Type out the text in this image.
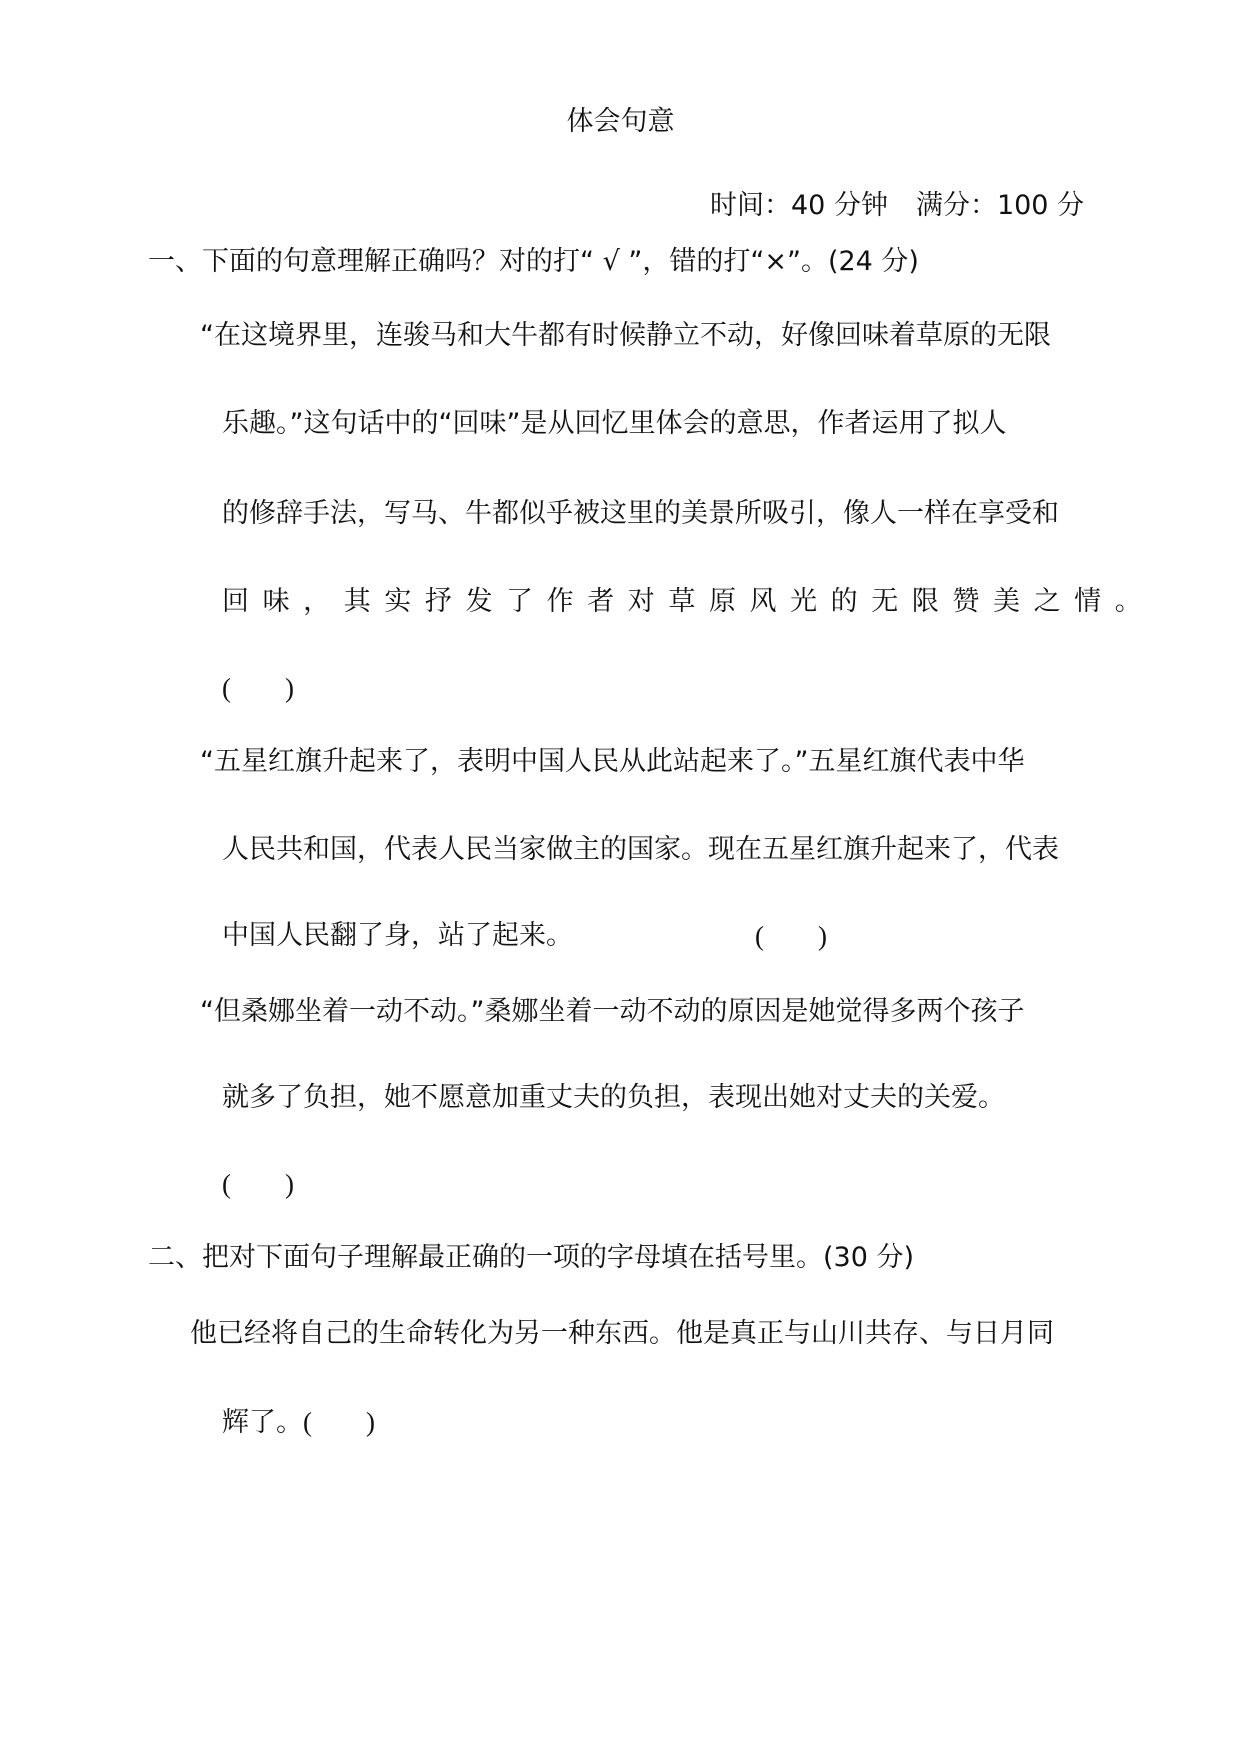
体会句意
时间：40 分钟 满分：100 分
一、下面的句意理解正确吗？对的打“ √ ”，错的打“×”。(24 分)
“在这境界里，连骏马和大牛都有时候静立不动，好像回味着草原的无限
乐趣。”这句话中的“回味”是从回忆里体会的意思，作者运用了拟人
的修辞手法，写马、牛都似乎被这里的美景所吸引，像人一样在享受和
回 味 ， 其 实 抒 发 了 作 者 对 草 原 风 光 的 无 限 赞 美 之 情 。
(　　)
“五星红旗升起来了，表明中国人民从此站起来了。”五星红旗代表中华
人民共和国，代表人民当家做主的国家。现在五星红旗升起来了，代表
中国人民翻了身，站了起来。	(　　)
“但桑娜坐着一动不动。”桑娜坐着一动不动的原因是她觉得多两个孩子
就多了负担，她不愿意加重丈夫的负担，表现出她对丈夫的关爱。
(　　)
二、把对下面句子理解最正确的一项的字母填在括号里。(30 分)
他已经将自己的生命转化为另一种东西。他是真正与山川共存、与日月同
辉了。(　　)
